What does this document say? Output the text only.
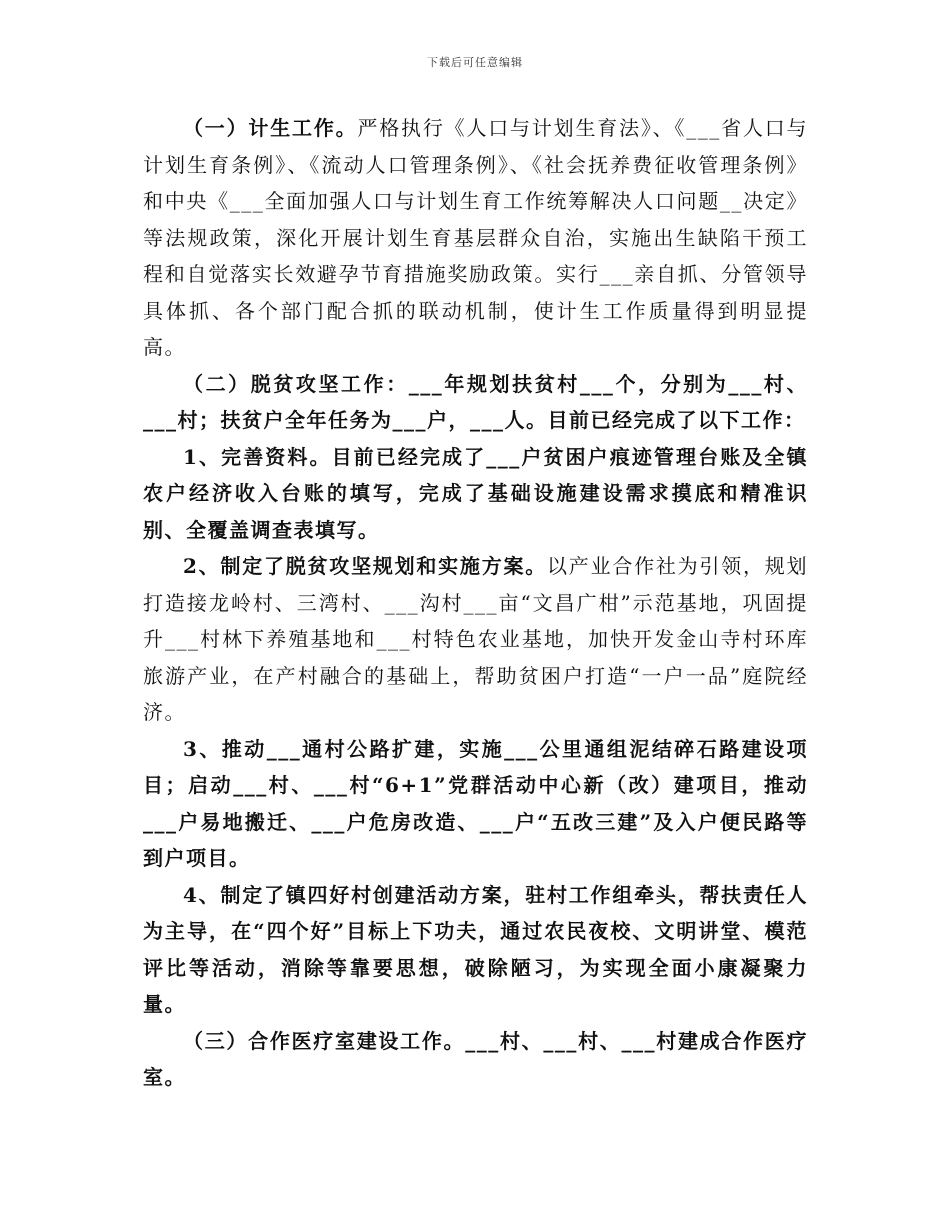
下载后可任意编辑

（一）计生工作。严格执行《人口与计划生育法》、《___省人口与计划生育条例》、《流动人口管理条例》、《社会抚养费征收管理条例》和中央《___全面加强人口与计划生育工作统筹解决人口问题__决定》等法规政策，深化开展计划生育基层群众自治，实施出生缺陷干预工程和自觉落实长效避孕节育措施奖励政策。实行___亲自抓、分管领导具体抓、各个部门配合抓的联动机制，使计生工作质量得到明显提高。

（二）脱贫攻坚工作：___年规划扶贫村___个，分别为___村、___村；扶贫户全年任务为___户，___人。目前已经完成了以下工作：

1、完善资料。目前已经完成了___户贫困户痕迹管理台账及全镇农户经济收入台账的填写，完成了基础设施建设需求摸底和精准识别、全覆盖调查表填写。

2、制定了脱贫攻坚规划和实施方案。以产业合作社为引领，规划打造接龙岭村、三湾村、___沟村___亩“文昌广柑”示范基地，巩固提升___村林下养殖基地和___村特色农业基地，加快开发金山寺村环库旅游产业，在产村融合的基础上，帮助贫困户打造“一户一品”庭院经济。

3、推动___通村公路扩建，实施___公里通组泥结碎石路建设项目；启动___村、___村“6+1”党群活动中心新（改）建项目，推动___户易地搬迁、___户危房改造、___户“五改三建”及入户便民路等到户项目。

4、制定了镇四好村创建活动方案，驻村工作组牵头，帮扶责任人为主导，在“四个好”目标上下功夫，通过农民夜校、文明讲堂、模范评比等活动，消除等靠要思想，破除陋习，为实现全面小康凝聚力量。

（三）合作医疗室建设工作。___村、___村、___村建成合作医疗室。
